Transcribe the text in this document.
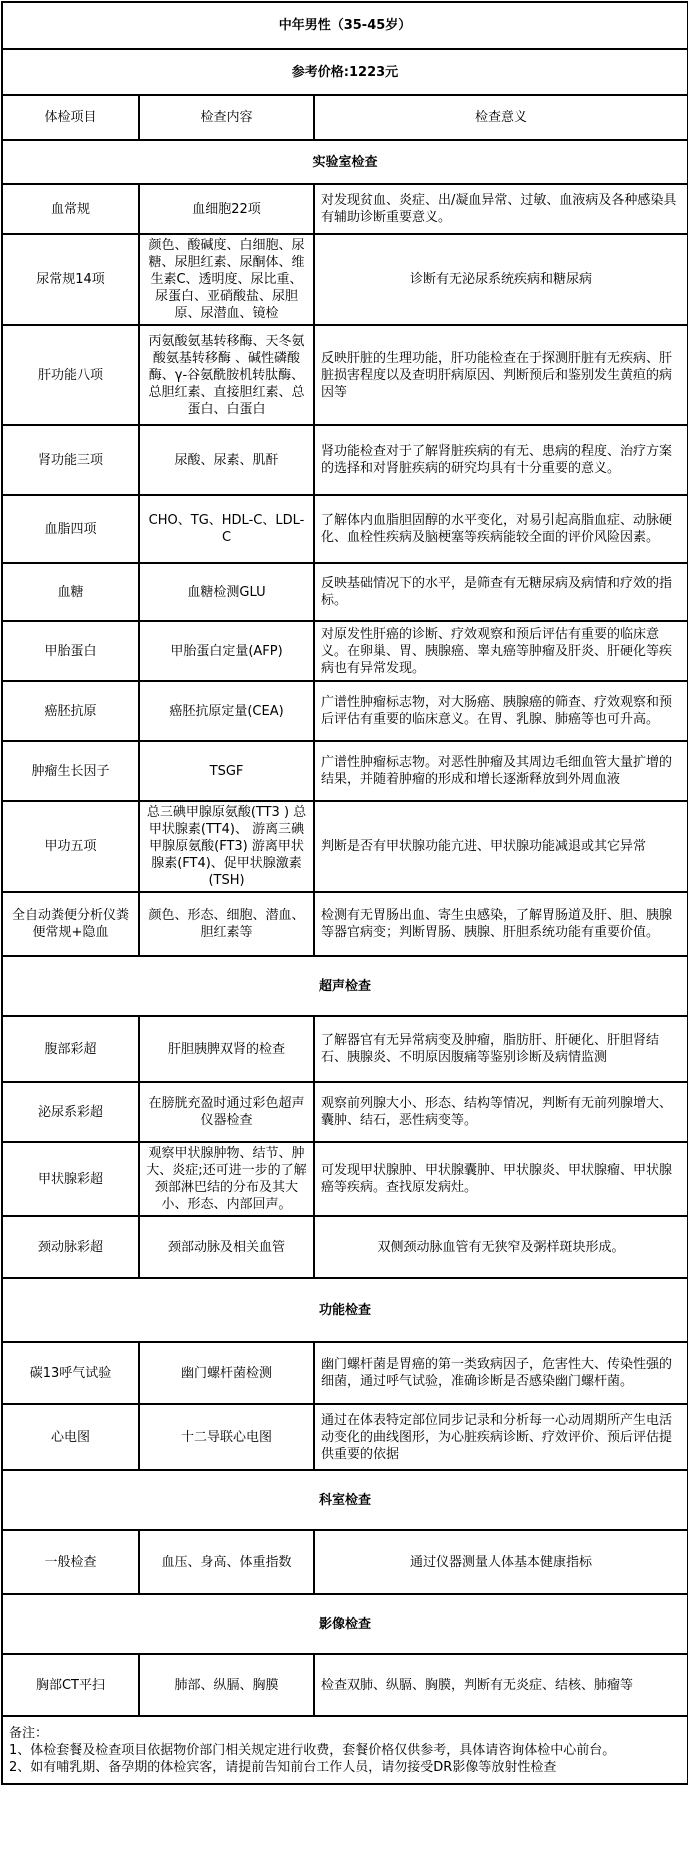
中年男性（35-45岁）		
参考价格:1223元		
体检项目	检查内容	检查意义
实验室检查		
血常规	血细胞22项	对发现贫血、炎症、出/凝血异常、过敏、血液病及各种感染具有辅助诊断重要意义。
尿常规14项	颜色、酸碱度、白细胞、尿糖、尿胆红素、尿酮体、维生素C、透明度、尿比重、尿蛋白、亚硝酸盐、尿胆原、尿潜血、镜检	诊断有无泌尿系统疾病和糖尿病
肝功能八项	丙氨酸氨基转移酶、天冬氨酸氨基转移酶 、碱性磷酸酶、γ-谷氨酰胺机转肽酶、总胆红素、直接胆红素、总蛋白、白蛋白	反映肝脏的生理功能，肝功能检查在于探测肝脏有无疾病、肝脏损害程度以及查明肝病原因、判断预后和鉴别发生黄疸的病因等
肾功能三项	尿酸、尿素、肌酐	肾功能检查对于了解肾脏疾病的有无、患病的程度、治疗方案的选择和对肾脏疾病的研究均具有十分重要的意义。
血脂四项	CHO、TG、HDL-C、LDL-C	了解体内血脂胆固醇的水平变化，对易引起高脂血症、动脉硬化、血栓性疾病及脑梗塞等疾病能较全面的评价风险因素。
血糖	血糖检测GLU	反映基础情况下的水平，是筛查有无糖尿病及病情和疗效的指标。
甲胎蛋白	甲胎蛋白定量(AFP)	对原发性肝癌的诊断、疗效观察和预后评估有重要的临床意义。在卵巢、胃、胰腺癌、睾丸癌等肿瘤及肝炎、肝硬化等疾病也有异常发现。
癌胚抗原	癌胚抗原定量(CEA)	广谱性肿瘤标志物，对大肠癌、胰腺癌的筛查、疗效观察和预后评估有重要的临床意义。在胃、乳腺、肺癌等也可升高。
肿瘤生长因子	TSGF	广谱性肿瘤标志物。对恶性肿瘤及其周边毛细血管大量扩增的结果，并随着肿瘤的形成和增长逐渐释放到外周血液
甲功五项	总三碘甲腺原氨酸(TT3 ) 总甲状腺素(TT4)、 游离三碘甲腺原氨酸(FT3) 游离甲状腺素(FT4)、促甲状腺激素(TSH)	判断是否有甲状腺功能亢进、甲状腺功能减退或其它异常
全自动粪便分析仪粪便常规+隐血	颜色、形态、细胞、潜血、胆红素等	检测有无胃肠出血、寄生虫感染，了解胃肠道及肝、胆、胰腺等器官病变；判断胃肠、胰腺、肝胆系统功能有重要价值。
超声检查		
腹部彩超	肝胆胰脾双肾的检查	了解器官有无异常病变及肿瘤，脂肪肝、肝硬化、肝胆肾结石、胰腺炎、不明原因腹痛等鉴别诊断及病情监测
泌尿系彩超	在膀胱充盈时通过彩色超声仪器检查	观察前列腺大小、形态、结构等情况，判断有无前列腺增大、囊肿、结石，恶性病变等。
甲状腺彩超	观察甲状腺肿物、结节、肿大、炎症;还可进一步的了解颈部淋巴结的分布及其大小、形态、内部回声。	可发现甲状腺肿、甲状腺囊肿、甲状腺炎、甲状腺瘤、甲状腺癌等疾病。查找原发病灶。
颈动脉彩超	颈部动脉及相关血管	双侧颈动脉血管有无狭窄及粥样斑块形成。
功能检查		
碳13呼气试验	幽门螺杆菌检测	幽门螺杆菌是胃癌的第一类致病因子，危害性大、传染性强的细菌，通过呼气试验，准确诊断是否感染幽门螺杆菌。
心电图	十二导联心电图	通过在体表特定部位同步记录和分析每一心动周期所产生电活动变化的曲线图形，为心脏疾病诊断、疗效评价、预后评估提供重要的依据
科室检查		
一般检查	血压、身高、体重指数	通过仪器测量人体基本健康指标
影像检查		
胸部CT平扫	肺部、纵膈、胸膜	检查双肺、纵膈、胸膜，判断有无炎症、结核、肺瘤等

备注：
1、体检套餐及检查项目依据物价部门相关规定进行收费，套餐价格仅供参考，具体请咨询体检中心前台。
2、如有哺乳期、备孕期的体检宾客，请提前告知前台工作人员，请勿接受DR影像等放射性检查		
